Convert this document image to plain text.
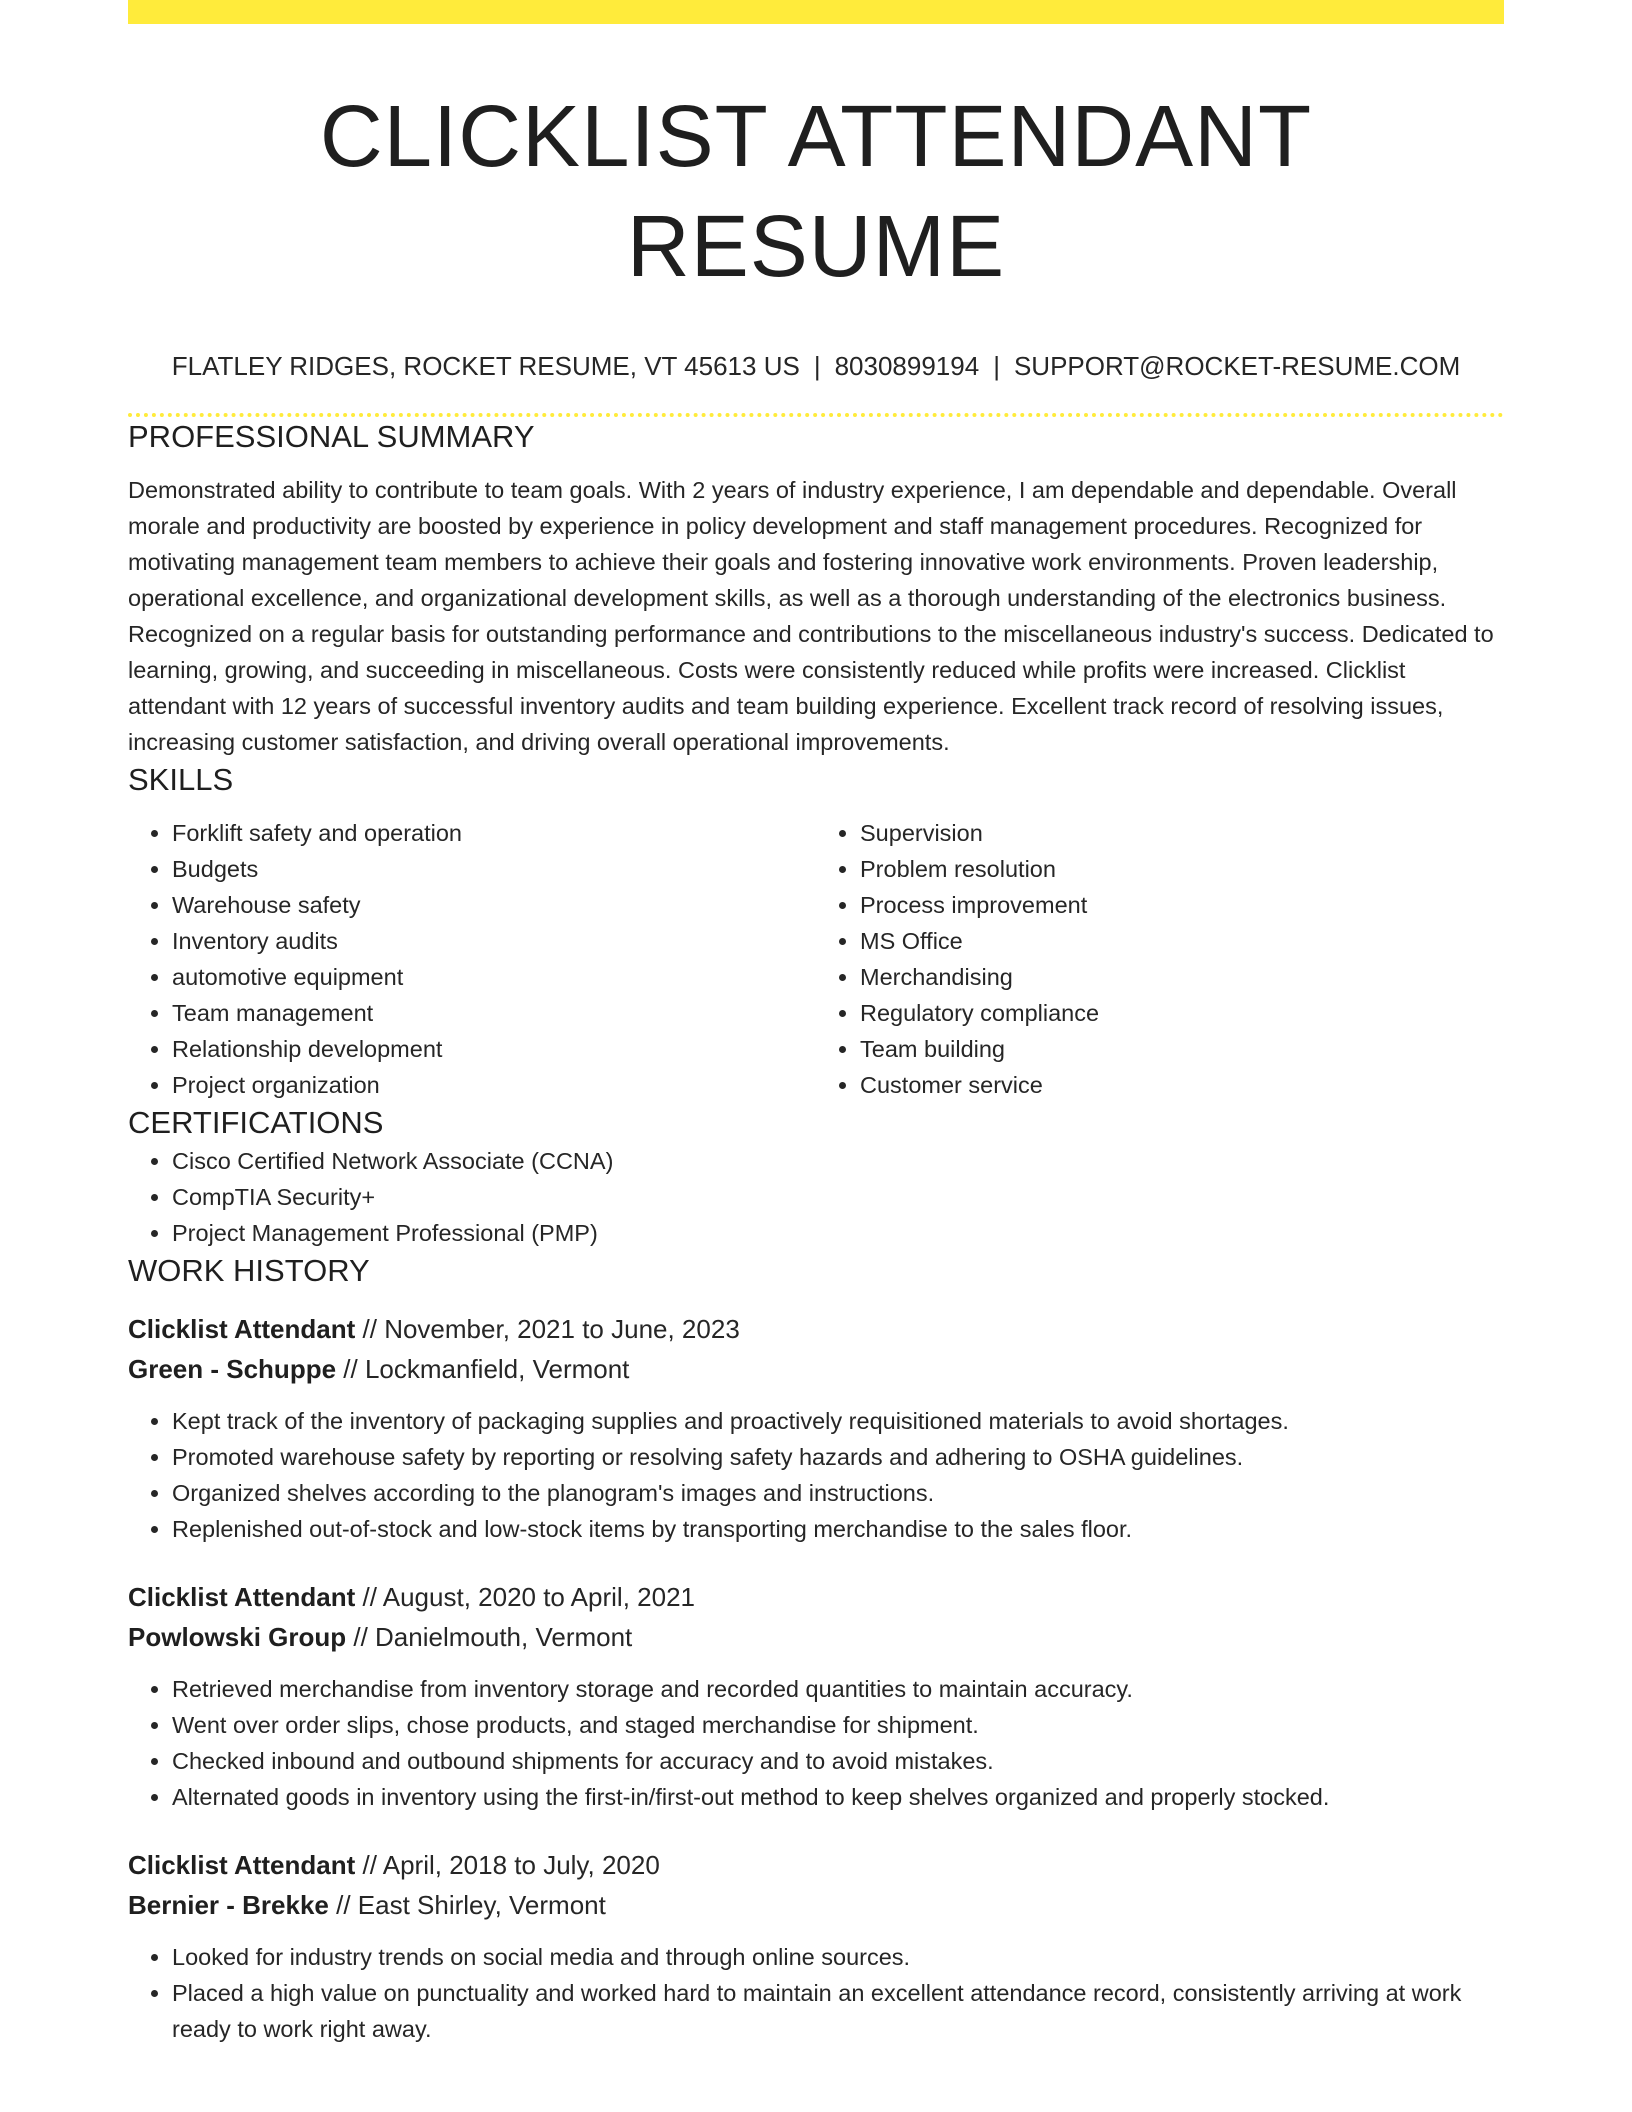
CLICKLIST ATTENDANT RESUME
FLATLEY RIDGES, ROCKET RESUME, VT 45613 US | 8030899194 | SUPPORT@ROCKET-RESUME.COM
PROFESSIONAL SUMMARY
Demonstrated ability to contribute to team goals. With 2 years of industry experience, I am dependable and dependable. Overall morale and productivity are boosted by experience in policy development and staff management procedures. Recognized for motivating management team members to achieve their goals and fostering innovative work environments. Proven leadership, operational excellence, and organizational development skills, as well as a thorough understanding of the electronics business. Recognized on a regular basis for outstanding performance and contributions to the miscellaneous industry's success. Dedicated to learning, growing, and succeeding in miscellaneous. Costs were consistently reduced while profits were increased. Clicklist attendant with 12 years of successful inventory audits and team building experience. Excellent track record of resolving issues, increasing customer satisfaction, and driving overall operational improvements.
SKILLS
• Forklift safety and operation
• Budgets
• Warehouse safety
• Inventory audits
• automotive equipment
• Team management
• Relationship development
• Project organization
• Supervision
• Problem resolution
• Process improvement
• MS Office
• Merchandising
• Regulatory compliance
• Team building
• Customer service
CERTIFICATIONS
• Cisco Certified Network Associate (CCNA)
• CompTIA Security+
• Project Management Professional (PMP)
WORK HISTORY
Clicklist Attendant // November, 2021 to June, 2023
Green - Schuppe // Lockmanfield, Vermont
• Kept track of the inventory of packaging supplies and proactively requisitioned materials to avoid shortages.
• Promoted warehouse safety by reporting or resolving safety hazards and adhering to OSHA guidelines.
• Organized shelves according to the planogram's images and instructions.
• Replenished out-of-stock and low-stock items by transporting merchandise to the sales floor.
Clicklist Attendant // August, 2020 to April, 2021
Powlowski Group // Danielmouth, Vermont
• Retrieved merchandise from inventory storage and recorded quantities to maintain accuracy.
• Went over order slips, chose products, and staged merchandise for shipment.
• Checked inbound and outbound shipments for accuracy and to avoid mistakes.
• Alternated goods in inventory using the first-in/first-out method to keep shelves organized and properly stocked.
Clicklist Attendant // April, 2018 to July, 2020
Bernier - Brekke // East Shirley, Vermont
• Looked for industry trends on social media and through online sources.
• Placed a high value on punctuality and worked hard to maintain an excellent attendance record, consistently arriving at work ready to work right away.
